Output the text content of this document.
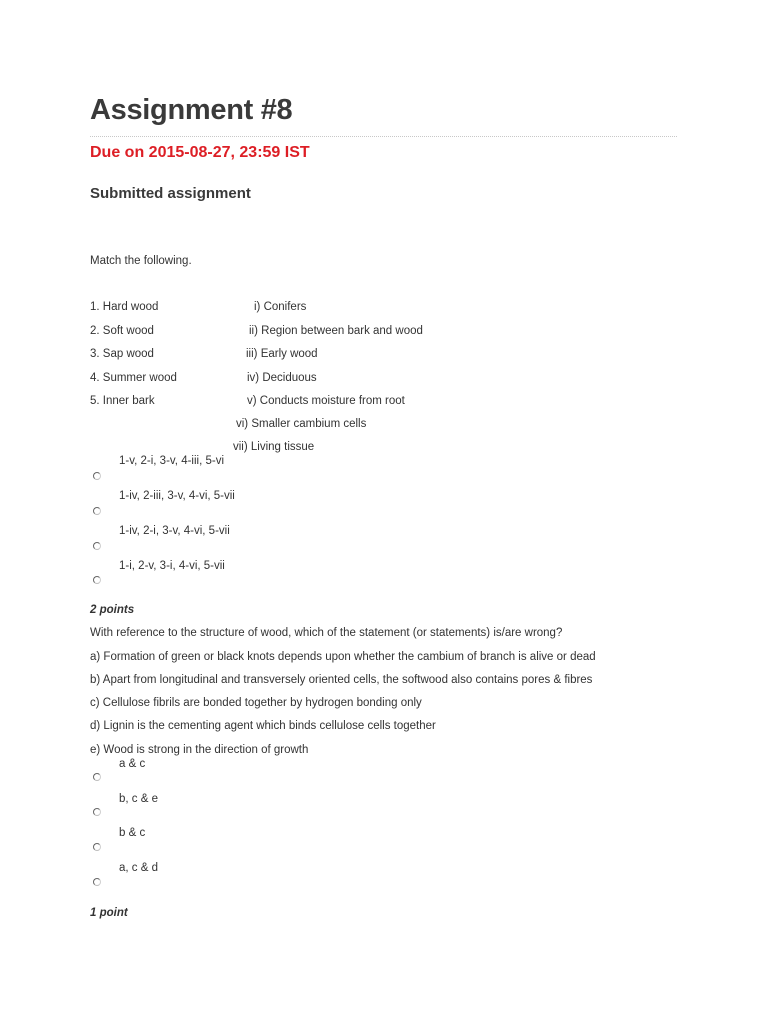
Assignment #8

Due on 2015-08-27, 23:59 IST

Submitted assignment
Match the following.
1. Hard wood
2. Soft wood
3. Sap wood
4. Summer wood
5. Inner bark
i) Conifers
ii) Region between bark and wood
iii) Early wood
iv) Deciduous
v) Conducts moisture from root
vi) Smaller cambium cells
vii) Living tissue
1-v, 2-i, 3-v, 4-iii, 5-vi
1-iv, 2-iii, 3-v, 4-vi, 5-vii
1-iv, 2-i, 3-v, 4-vi, 5-vii
1-i, 2-v, 3-i, 4-vi, 5-vii
2 points
With reference to the structure of wood, which of the statement (or statements) is/are wrong?
a) Formation of green or black knots depends upon whether the cambium of branch is alive or dead
b) Apart from longitudinal and transversely oriented cells, the softwood also contains pores & fibres
c) Cellulose fibrils are bonded together by hydrogen bonding only
d) Lignin is the cementing agent which binds cellulose cells together
e) Wood is strong in the direction of growth
a & c
b, c & e
b & c
a, c & d
1 point
